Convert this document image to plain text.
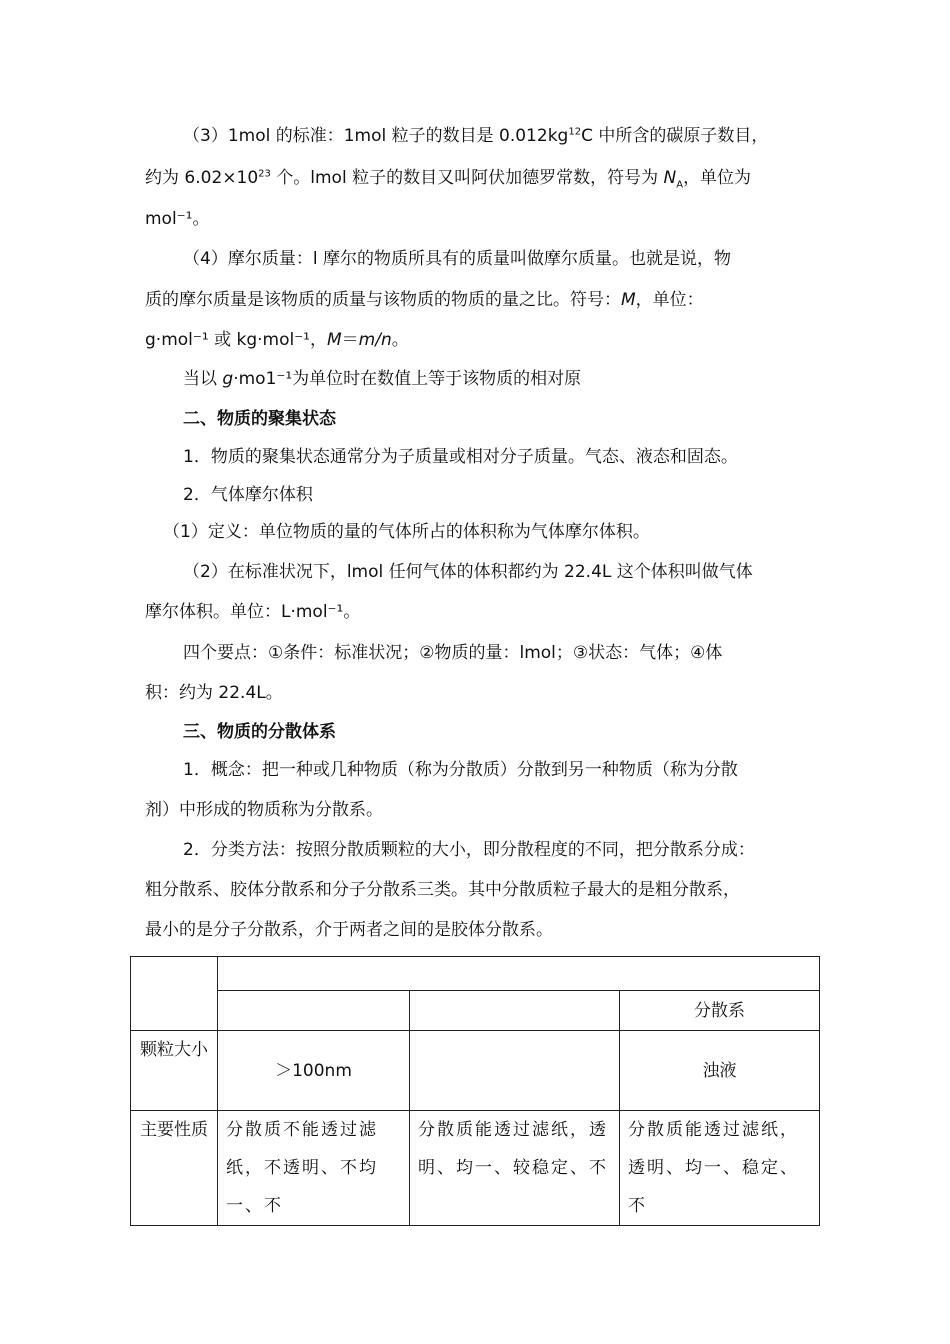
（3）1mol 的标准：1mol 粒子的数目是 $0.012kg^{12}C$ 中所含的碳原子数目，
约为 $6.02\times 10^{23}$ 个。lmol 粒子的数目又叫阿伏加德罗常数，符号为 $N_A$，单位为
mol⁻¹。
（4）摩尔质量：l 摩尔的物质所具有的质量叫做摩尔质量。也就是说，物
质的摩尔质量是该物质的质量与该物质的物质的量之比。符号：M，单位：
g·mol⁻¹ 或 kg·mol⁻¹，M＝m/n。
当以 g·mo1⁻¹为单位时在数值上等于该物质的相对原
二、物质的聚集状态
1．物质的聚集状态通常分为子质量或相对分子质量。气态、液态和固态。
2．气体摩尔体积
（1）定义：单位物质的量的气体所占的体积称为气体摩尔体积。
（2）在标准状况下，lmol 任何气体的体积都约为 22.4L 这个体积叫做气体
摩尔体积。单位：L·mol⁻¹。
四个要点：①条件：标准状况；②物质的量：lmol；③状态：气体；④体
积：约为 22.4L。
三、物质的分散体系
1．概念：把一种或几种物质（称为分散质）分散到另一种物质（称为分散
剂）中形成的物质称为分散系。
2．分类方法：按照分散质颗粒的大小，即分散程度的不同，把分散系分成：
粗分散系、胶体分散系和分子分散系三类。其中分散质粒子最大的是粗分散系，
最小的是分子分散系，介于两者之间的是胶体分散系。

			分散系
颗粒大小	＞100nm		浊液
主要性质	分散质不能透过滤纸，不透明、不均一、不	分散质能透过滤纸，透明、均一、较稳定、不	分散质能透过滤纸，透明、均一、稳定、不
